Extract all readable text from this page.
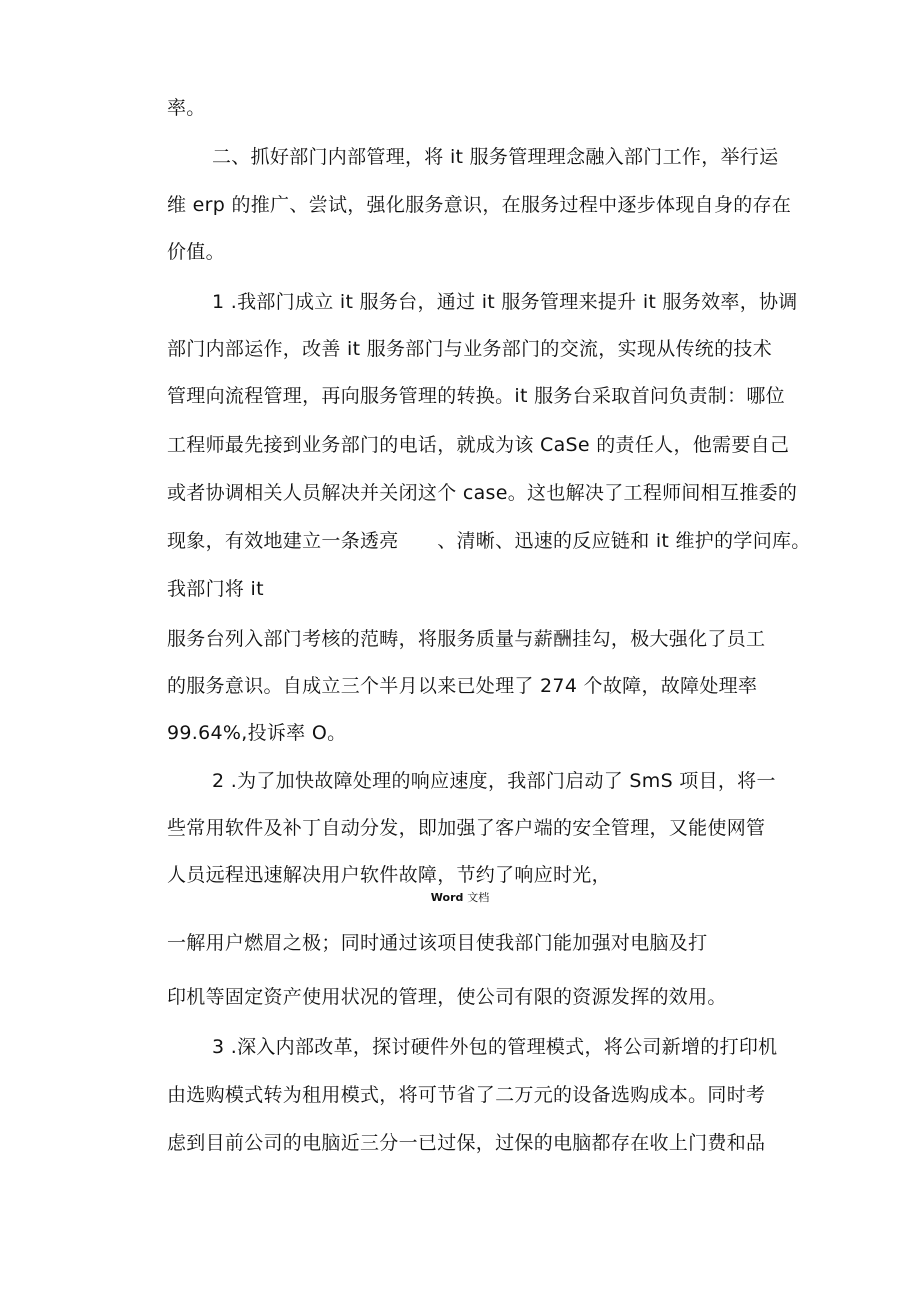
率。
二、抓好部门内部管理，将 it 服务管理理念融入部门工作，举行运
维 erp 的推广、尝试，强化服务意识，在服务过程中逐步体现自身的存在
价值。
1 .我部门成立 it 服务台，通过 it 服务管理来提升 it 服务效率，协调
部门内部运作，改善 it 服务部门与业务部门的交流，实现从传统的技术
管理向流程管理，再向服务管理的转换。it 服务台采取首问负责制：哪位
工程师最先接到业务部门的电话，就成为该 CaSe 的责任人，他需要自己
或者协调相关人员解决并关闭这个 case。这也解决了工程师间相互推委的
现象，有效地建立一条透亮　　、清晰、迅速的反应链和 it 维护的学问库。
我部门将 it
服务台列入部门考核的范畴，将服务质量与薪酬挂勾，极大强化了员工
的服务意识。自成立三个半月以来已处理了 274 个故障，故障处理率
99.64%,投诉率 O。
2 .为了加快故障处理的响应速度，我部门启动了 SmS 项目，将一
些常用软件及补丁自动分发，即加强了客户端的安全管理，又能使网管
人员远程迅速解决用户软件故障，节约了响应时光，
Word 文档
一解用户燃眉之极；同时通过该项目使我部门能加强对电脑及打
印机等固定资产使用状况的管理，使公司有限的资源发挥的效用。
3 .深入内部改革，探讨硬件外包的管理模式，将公司新增的打印机
由选购模式转为租用模式，将可节省了二万元的设备选购成本。同时考
虑到目前公司的电脑近三分一已过保，过保的电脑都存在收上门费和品
